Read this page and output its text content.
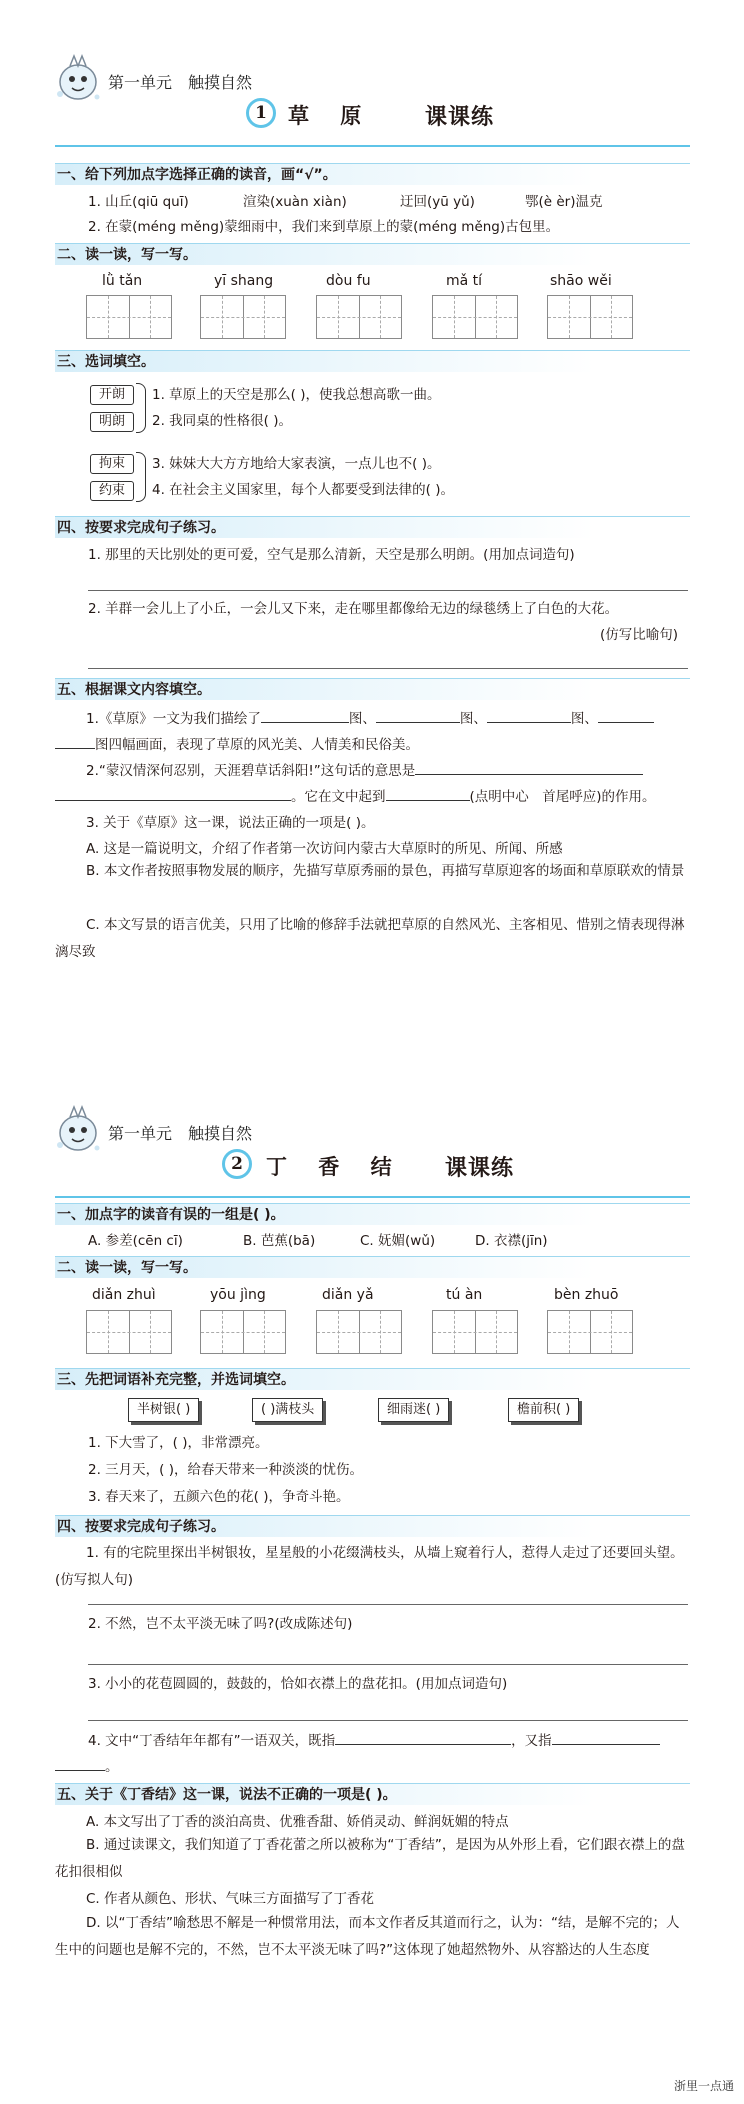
第一单元 触摸自然
1	草 原 课课练
一、给下列加点字选择正确的读音，画“√”。
1. 山丘(qiū quī)	渲染(xuàn xiàn)	迂回(yū yǔ)	鄂(è èr)温克
2. 在蒙(méng měng)蒙细雨中，我们来到草原上的蒙(méng měng)古包里。
二、读一读，写一写。
lǜ tǎn	yī shang	dòu fu	mǎ tí	shāo wěi
三、选词填空。
开朗
明朗
1. 草原上的天空是那么( )，使我总想高歌一曲。
2. 我同桌的性格很( )。
拘束
约束
3. 妹妹大大方方地给大家表演，一点儿也不( )。
4. 在社会主义国家里，每个人都要受到法律的( )。
四、按要求完成句子练习。
1. 那里的天比别处的更可爱，空气是那么清新，天空是那么明朗。(用加点词造句)
2. 羊群一会儿上了小丘，一会儿又下来，走在哪里都像给无边的绿毯绣上了白色的大花。
(仿写比喻句)
五、根据课文内容填空。
1.《草原》一文为我们描绘了	图、	图、	图、
图四幅画面，表现了草原的风光美、人情美和民俗美。
2.“蒙汉情深何忍别，天涯碧草话斜阳!”这句话的意思是
。它在文中起到	(点明中心　首尾呼应)的作用。
3. 关于《草原》这一课，说法正确的一项是( )。
A. 这是一篇说明文，介绍了作者第一次访问内蒙古大草原时的所见、所闻、所感
B. 本文作者按照事物发展的顺序，先描写草原秀丽的景色，再描写草原迎客的场面和草原联欢的情景
C. 本文写景的语言优美，只用了比喻的修辞手法就把草原的自然风光、主客相见、惜别之情表现得淋漓尽致
第一单元 触摸自然
2	丁 香 结 课课练
一、加点字的读音有误的一组是( )。
A. 参差(cēn cī)	B. 芭蕉(bā)	C. 妩媚(wǔ)	D. 衣襟(jīn)
二、读一读，写一写。
diǎn zhuì	yōu jìng	diǎn yǎ	tú àn	bèn zhuō
三、先把词语补充完整，并选词填空。
半树银( )	( )满枝头	细雨迷( )	檐前积( )
1. 下大雪了，( )，非常漂亮。
2. 三月天，( )，给春天带来一种淡淡的忧伤。
3. 春天来了，五颜六色的花( )，争奇斗艳。
四、按要求完成句子练习。
1. 有的宅院里探出半树银妆，星星般的小花缀满枝头，从墙上窥着行人，惹得人走过了还要回头望。(仿写拟人句)
2. 不然，岂不太平淡无味了吗?(改成陈述句)
3. 小小的花苞圆圆的，鼓鼓的，恰如衣襟上的盘花扣。(用加点词造句)
4. 文中“丁香结年年都有”一语双关，既指	，又指
。
五、关于《丁香结》这一课，说法不正确的一项是( )。
A. 本文写出了丁香的淡泊高贵、优雅香甜、娇俏灵动、鲜润妩媚的特点
B. 通过读课文，我们知道了丁香花蕾之所以被称为“丁香结”，是因为从外形上看，它们跟衣襟上的盘花扣很相似
C. 作者从颜色、形状、气味三方面描写了丁香花
D. 以“丁香结”喻愁思不解是一种惯常用法，而本文作者反其道而行之，认为：“结，是解不完的；人生中的问题也是解不完的，不然，岂不太平淡无味了吗?”这体现了她超然物外、从容豁达的人生态度
浙里一点通
